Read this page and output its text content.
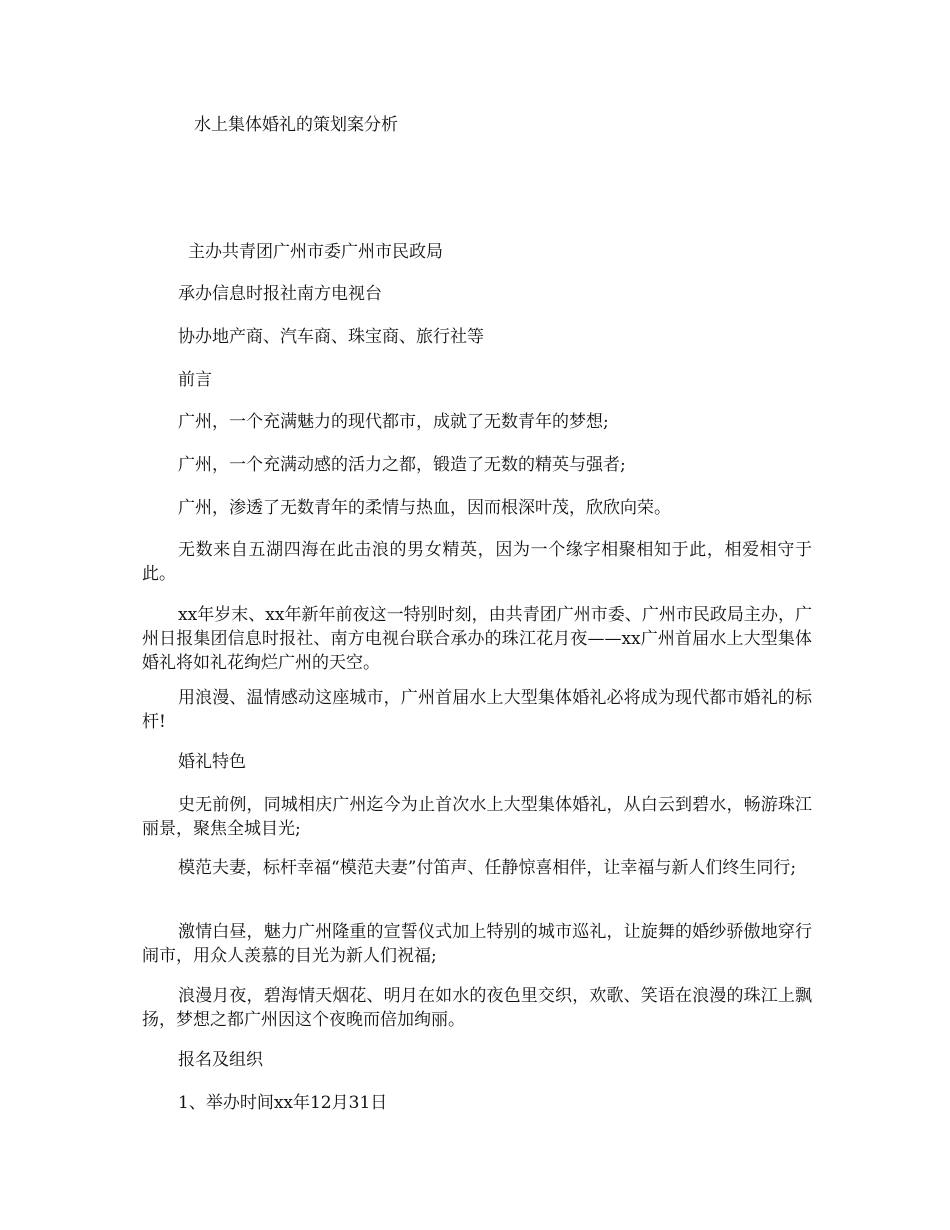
水上集体婚礼的策划案分析
主办共青团广州市委广州市民政局
承办信息时报社南方电视台
协办地产商、汽车商、珠宝商、旅行社等
前言
广州，一个充满魅力的现代都市，成就了无数青年的梦想;
广州，一个充满动感的活力之都，锻造了无数的精英与强者;
广州，渗透了无数青年的柔情与热血，因而根深叶茂，欣欣向荣。
无数来自五湖四海在此击浪的男女精英，因为一个缘字相聚相知于此，相爱相守于此。
xx年岁末、xx年新年前夜这一特别时刻，由共青团广州市委、广州市民政局主办，广州日报集团信息时报社、南方电视台联合承办的珠江花月夜——xx广州首届水上大型集体婚礼将如礼花绚烂广州的天空。
用浪漫、温情感动这座城市，广州首届水上大型集体婚礼必将成为现代都市婚礼的标杆!
婚礼特色
史无前例，同城相庆广州迄今为止首次水上大型集体婚礼，从白云到碧水，畅游珠江丽景，聚焦全城目光;
模范夫妻，标杆幸福“模范夫妻”付笛声、任静惊喜相伴，让幸福与新人们终生同行;
激情白昼，魅力广州隆重的宣誓仪式加上特别的城市巡礼，让旋舞的婚纱骄傲地穿行闹市，用众人羡慕的目光为新人们祝福;
浪漫月夜，碧海情天烟花、明月在如水的夜色里交织，欢歌、笑语在浪漫的珠江上飘扬，梦想之都广州因这个夜晚而倍加绚丽。
报名及组织
1、举办时间xx年12月31日
